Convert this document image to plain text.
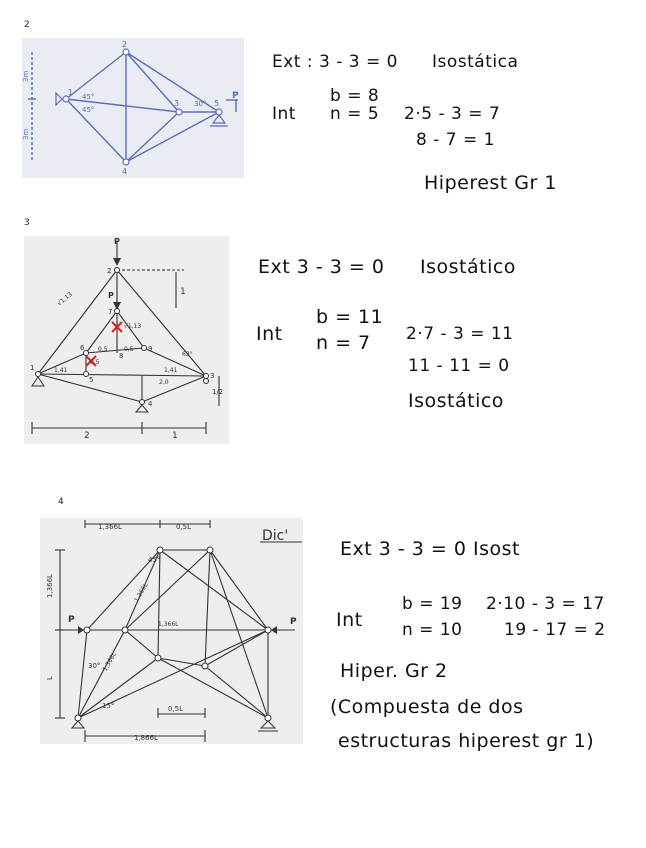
2
1
2
3
4
5
45°
45°
30°
P
3m
3m
Ext : 3 - 3 = 0 Isostática
Int
b = 8
n = 5 2·5 - 3 = 7
8 - 7 = 1
Hiperest Gr 1
3
P
P
1
2
3
4
5
6
7
8
9
1
2	1
1/2
0,5	0,5
0,5
√1,13
63°
1,41	1,41
2,0
√1,13
Ext 3 - 3 = 0 Isostático
Int
b = 11
n = 7 2·7 - 3 = 11
11 - 11 = 0
Isostático
4
1,366L	0,5L
1,366L
L
1,866L
0,5L
45°
30°
15°
1,366L
1,366L
1,366L
P	P
Dic'
Ext 3 - 3 = 0 Isost
Int
b = 19
n = 10
2·10 - 3 = 17
19 - 17 = 2
Hiper. Gr 2
(Compuesta de dos
estructuras hiperest gr 1)
